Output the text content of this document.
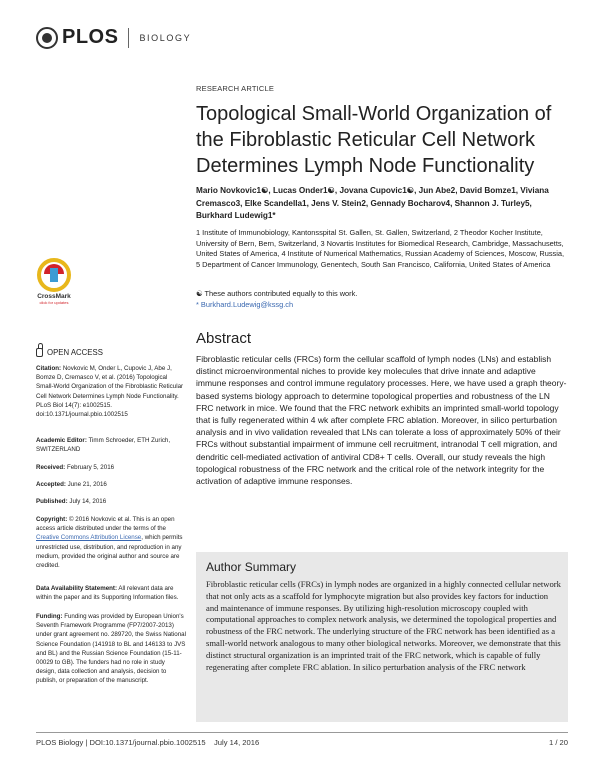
PLOS BIOLOGY
CrossMark
click for updates
OPEN ACCESS
Citation: Novkovic M, Onder L, Cupovic J, Abe J, Bomze D, Cremasco V, et al. (2016) Topological Small-World Organization of the Fibroblastic Reticular Cell Network Determines Lymph Node Functionality. PLoS Biol 14(7): e1002515. doi:10.1371/journal.pbio.1002515
Academic Editor: Timm Schroeder, ETH Zurich, SWITZERLAND
Received: February 5, 2016
Accepted: June 21, 2016
Published: July 14, 2016
Copyright: © 2016 Novkovic et al. This is an open access article distributed under the terms of the Creative Commons Attribution License, which permits unrestricted use, distribution, and reproduction in any medium, provided the original author and source are credited.
Data Availability Statement: All relevant data are within the paper and its Supporting Information files.
Funding: Funding was provided by European Union's Seventh Framework Programme (FP7/2007-2013) under grant agreement no. 289720, the Swiss National Science Foundation (141918 to BL and 146133 to JVS and BL) and the Russian Science Foundation (15-11-00029 to GB). The funders had no role in study design, data collection and analysis, decision to publish, or preparation of the manuscript.
RESEARCH ARTICLE
Topological Small-World Organization of the Fibroblastic Reticular Cell Network Determines Lymph Node Functionality
Mario Novkovic1☯, Lucas Onder1☯, Jovana Cupovic1☯, Jun Abe2, David Bomze1, Viviana Cremasco3, Elke Scandella1, Jens V. Stein2, Gennady Bocharov4, Shannon J. Turley5, Burkhard Ludewig1*
1 Institute of Immunobiology, Kantonsspital St. Gallen, St. Gallen, Switzerland, 2 Theodor Kocher Institute, University of Bern, Bern, Switzerland, 3 Novartis Institutes for Biomedical Research, Cambridge, Massachusetts, United States of America, 4 Institute of Numerical Mathematics, Russian Academy of Sciences, Moscow, Russia, 5 Department of Cancer Immunology, Genentech, South San Francisco, California, United States of America
☯ These authors contributed equally to this work.
* Burkhard.Ludewig@kssg.ch
Abstract
Fibroblastic reticular cells (FRCs) form the cellular scaffold of lymph nodes (LNs) and establish distinct microenvironmental niches to provide key molecules that drive innate and adaptive immune responses and control immune regulatory processes. Here, we have used a graph theory-based systems biology approach to determine topological properties and robustness of the LN FRC network in mice. We found that the FRC network exhibits an imprinted small-world topology that is fully regenerated within 4 wk after complete FRC ablation. Moreover, in silico perturbation analysis and in vivo validation revealed that LNs can tolerate a loss of approximately 50% of their FRCs without substantial impairment of immune cell recruitment, intranodal T cell migration, and dendritic cell-mediated activation of antiviral CD8+ T cells. Overall, our study reveals the high topological robustness of the FRC network and the critical role of the network integrity for the activation of adaptive immune responses.
Author Summary
Fibroblastic reticular cells (FRCs) in lymph nodes are organized in a highly connected cellular network that not only acts as a scaffold for lymphocyte migration but also provides key factors for induction and maintenance of immune responses. By utilizing high-resolution microscopy coupled with computational approaches to complex network analysis, we determined the topological properties and robustness of the FRC network. The underlying structure of the FRC network has been identified as a small-world network analogous to many other biological networks. Moreover, we demonstrate that this distinct structural organization is an imprinted trait of the FRC network, which is capable of fully regenerating after complete FRC ablation. In silico perturbation analysis of the FRC network
PLOS Biology | DOI:10.1371/journal.pbio.1002515    July 14, 2016	1 / 20
